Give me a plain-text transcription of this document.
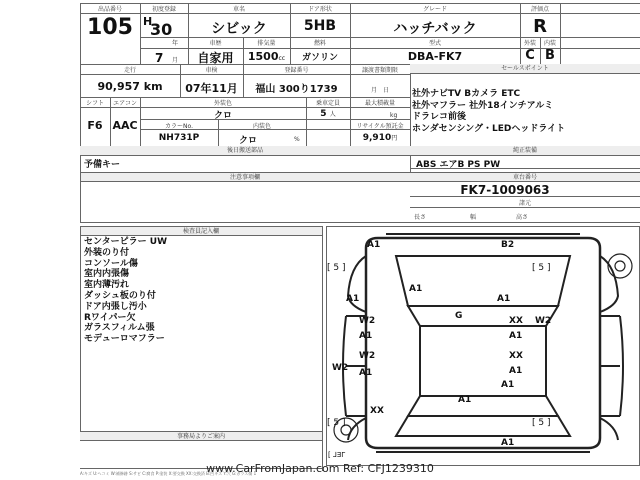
出品番号
105
初度登録
H
30
年
7 月
車名
シビック
ドア形状
5HB
グレード
ハッチバック
評価点
R
車歴
自家用
排気量
1500cc
燃料
ガソリン
型式
DBA-FK7
外装
C
内装
B
走行
90,957 km
車検
07年11月
登録番号
福山 300り1739
譲渡書類期限
月　日
セールスポイント
社外ナビTV Bカメラ ETC
社外マフラー 社外18インチアルミ
ドラレコ前後
ホンダセンシング・LEDヘッドライト
シフト
F6
エアコン
AAC
外装色
クロ
乗車定員
5 人
最大積載量
kg
カラーNo.
NH731P
内装色
クロ	%
リサイクル預託金
9,910円
後日搬送部品
予備キー
純正装備
ABS エアB PS PW
注意事項欄	車台番号
FK7-1009063
諸元
長さ	幅	高さ
検査員記入欄
センターピラー UW
外装のり付
コンソール傷
室内内張傷
室内薄汚れ
ダッシュ板のり付
ドア内張し汚小
Rワイパー欠
ガラスフィルム張
モデューロマフラー
事務局よりご案内
A1	B2
[ 5 ]	[ 5 ]
A1
A1	A1
G
W2	XX W2
A1	A1
W2	XX
A1
W2 A1
A1
A1
XX
[ 5 ]	[ 5 ]
A1
[ ⅃ƎΓ
www.CarFromJapan.com Ref: CFJ1239310
A:キズ U:ヘコミ W:補修跡 S:サビ C:腐食 P:塗装 X:要交換 XX:交換済 B:凹キズ Y:穴 G:ガラス傷 1
